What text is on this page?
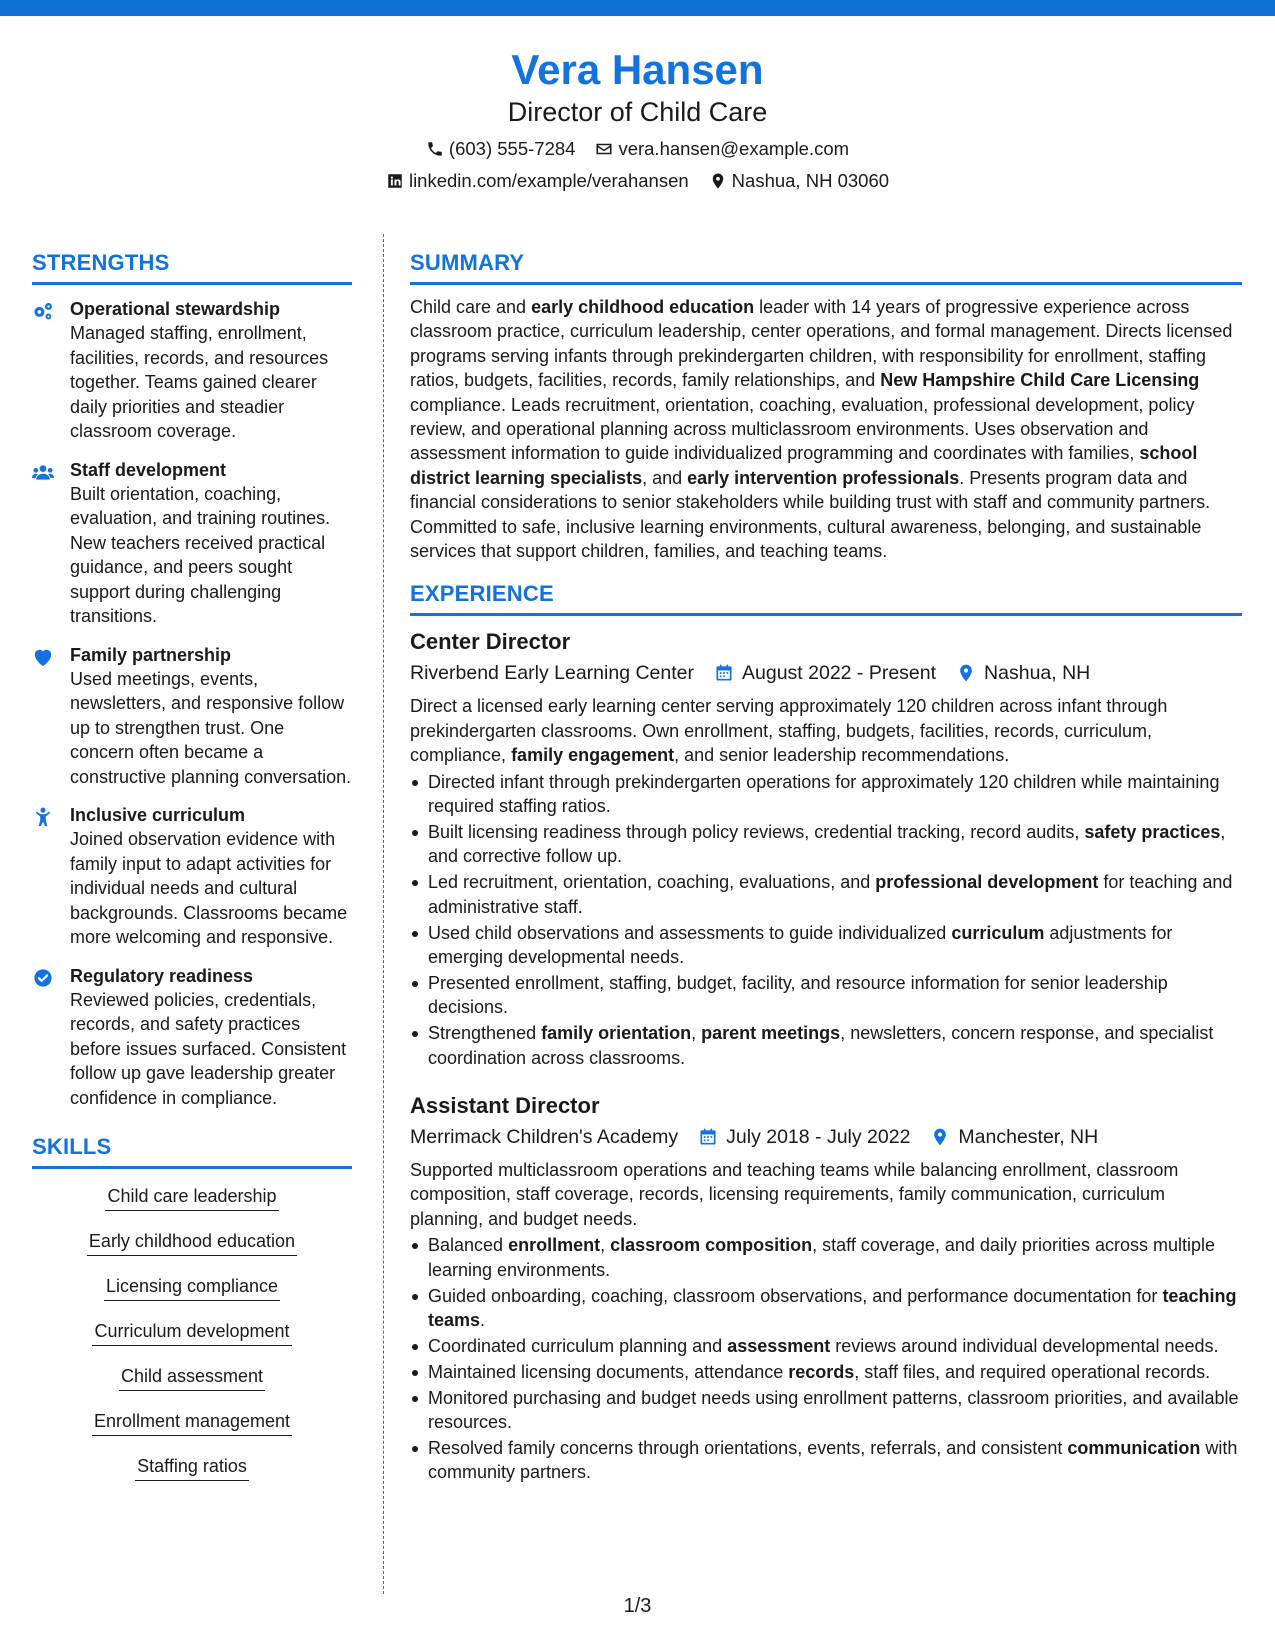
Vera Hansen
Director of Child Care
(603) 555-7284 vera.hansen@example.com
linkedin.com/example/verahansen Nashua, NH 03060
STRENGTHS
Operational stewardship
Managed staffing, enrollment, facilities, records, and resources together. Teams gained clearer daily priorities and steadier classroom coverage.
Staff development
Built orientation, coaching, evaluation, and training routines. New teachers received practical guidance, and peers sought support during challenging transitions.
Family partnership
Used meetings, events, newsletters, and responsive follow up to strengthen trust. One concern often became a constructive planning conversation.
Inclusive curriculum
Joined observation evidence with family input to adapt activities for individual needs and cultural backgrounds. Classrooms became more welcoming and responsive.
Regulatory readiness
Reviewed policies, credentials, records, and safety practices before issues surfaced. Consistent follow up gave leadership greater confidence in compliance.
SKILLS
Child care leadership
Early childhood education
Licensing compliance
Curriculum development
Child assessment
Enrollment management
Staffing ratios
SUMMARY
Child care and early childhood education leader with 14 years of progressive experience across classroom practice, curriculum leadership, center operations, and formal management. Directs licensed programs serving infants through prekindergarten children, with responsibility for enrollment, staffing ratios, budgets, facilities, records, family relationships, and New Hampshire Child Care Licensing compliance. Leads recruitment, orientation, coaching, evaluation, professional development, policy review, and operational planning across multiclassroom environments. Uses observation and assessment information to guide individualized programming and coordinates with families, school district learning specialists, and early intervention professionals. Presents program data and financial considerations to senior stakeholders while building trust with staff and community partners. Committed to safe, inclusive learning environments, cultural awareness, belonging, and sustainable services that support children, families, and teaching teams.
EXPERIENCE
Center Director
Riverbend Early Learning Center August 2022 - Present Nashua, NH
Direct a licensed early learning center serving approximately 120 children across infant through prekindergarten classrooms. Own enrollment, staffing, budgets, facilities, records, curriculum, compliance, family engagement, and senior leadership recommendations.
Directed infant through prekindergarten operations for approximately 120 children while maintaining required staffing ratios.
Built licensing readiness through policy reviews, credential tracking, record audits, safety practices, and corrective follow up.
Led recruitment, orientation, coaching, evaluations, and professional development for teaching and administrative staff.
Used child observations and assessments to guide individualized curriculum adjustments for emerging developmental needs.
Presented enrollment, staffing, budget, facility, and resource information for senior leadership decisions.
Strengthened family orientation, parent meetings, newsletters, concern response, and specialist coordination across classrooms.
Assistant Director
Merrimack Children's Academy July 2018 - July 2022 Manchester, NH
Supported multiclassroom operations and teaching teams while balancing enrollment, classroom composition, staff coverage, records, licensing requirements, family communication, curriculum planning, and budget needs.
Balanced enrollment, classroom composition, staff coverage, and daily priorities across multiple learning environments.
Guided onboarding, coaching, classroom observations, and performance documentation for teaching teams.
Coordinated curriculum planning and assessment reviews around individual developmental needs.
Maintained licensing documents, attendance records, staff files, and required operational records.
Monitored purchasing and budget needs using enrollment patterns, classroom priorities, and available resources.
Resolved family concerns through orientations, events, referrals, and consistent communication with community partners.
1/3
